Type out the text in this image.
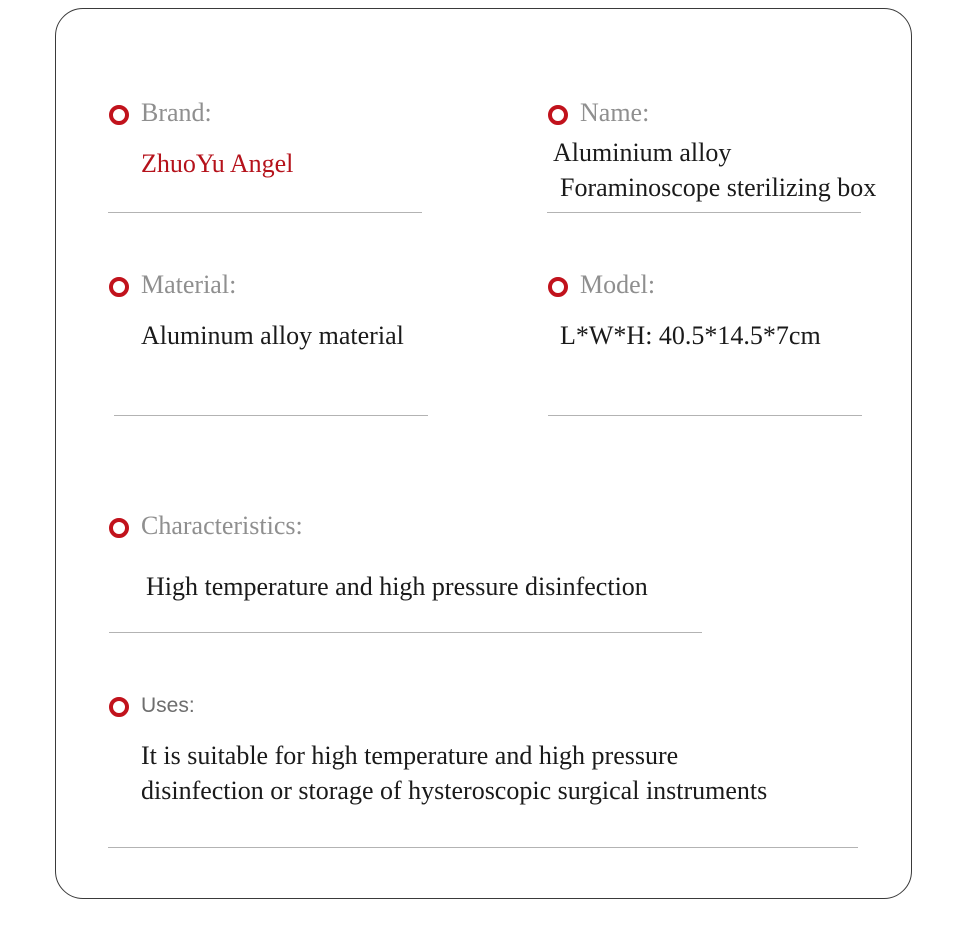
Brand:
ZhuoYu Angel
Name:
Aluminium alloy
Foraminoscope sterilizing box
Material:
Aluminum alloy material
Model:
L*W*H: 40.5*14.5*7cm
Characteristics:
High temperature and high pressure disinfection
Uses:
It is suitable for high temperature and high pressure
disinfection or storage of hysteroscopic surgical instruments
